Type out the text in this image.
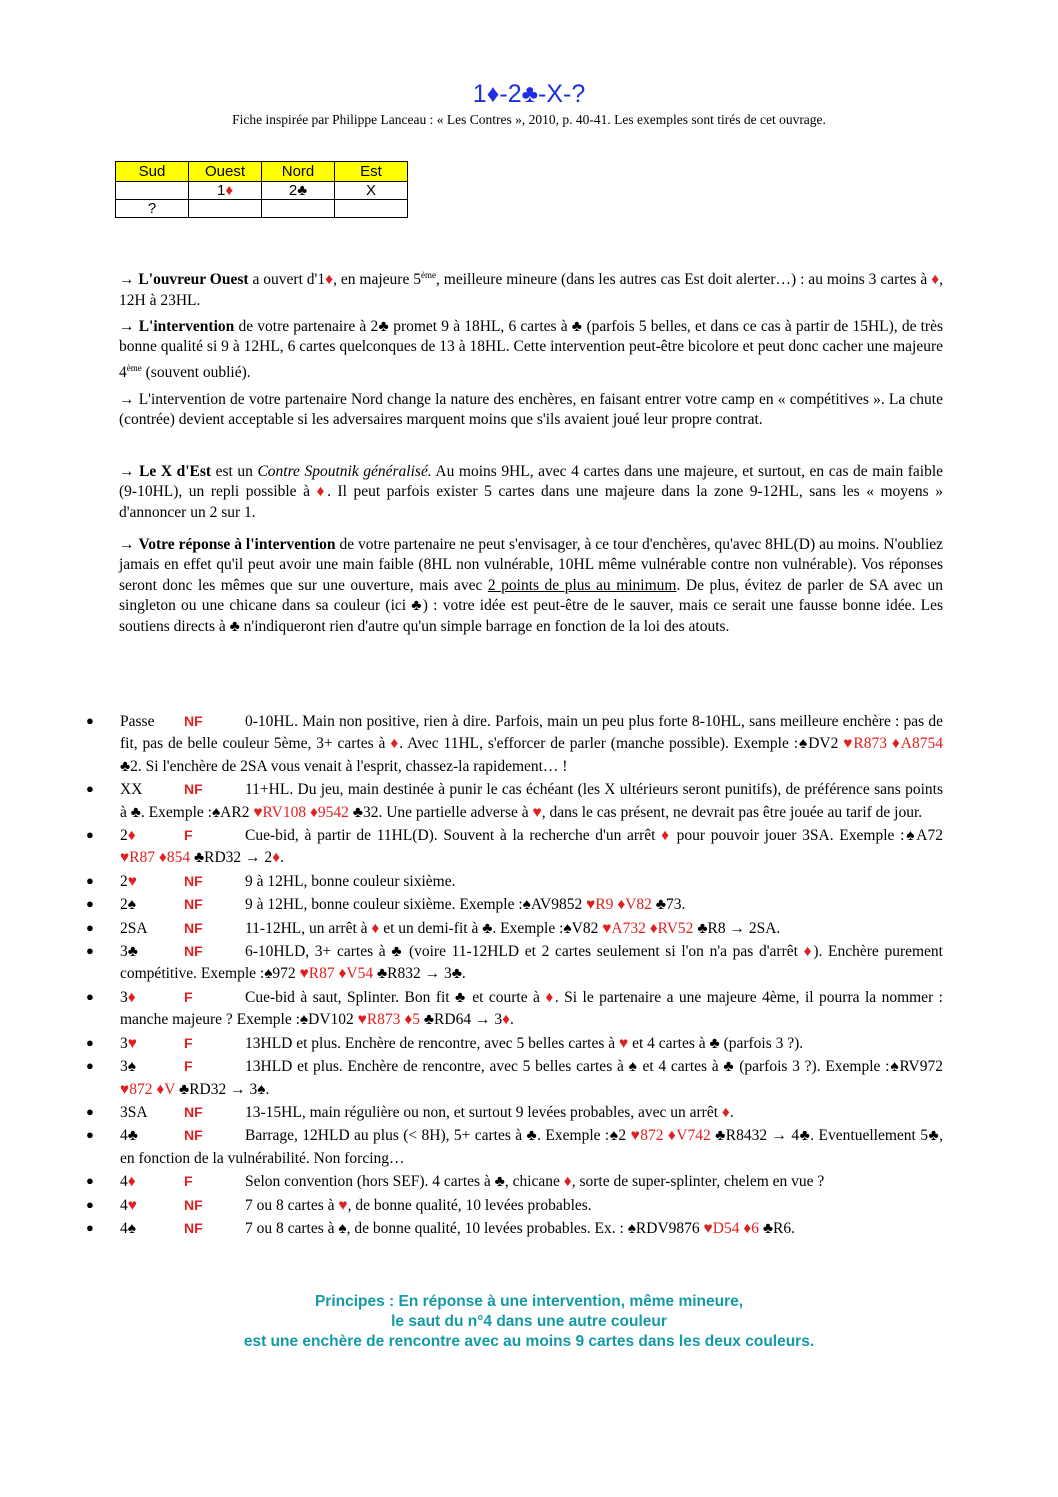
1♦-2♣-X-?
Fiche inspirée par Philippe Lanceau : « Les Contres », 2010, p. 40-41. Les exemples sont tirés de cet ouvrage.
Sud	Ouest	Nord	Est
	1♦	2♣	X
?			

→ L'ouvreur Ouest a ouvert d'1♦, en majeure 5ème, meilleure mineure (dans les autres cas Est doit alerter…) : au moins 3 cartes à ♦, 12H à 23HL.

→ L'intervention de votre partenaire à 2♣ promet 9 à 18HL, 6 cartes à ♣ (parfois 5 belles, et dans ce cas à partir de 15HL), de très bonne qualité si 9 à 12HL, 6 cartes quelconques de 13 à 18HL. Cette intervention peut-être bicolore et peut donc cacher une majeure 4ème (souvent oublié).

→ L'intervention de votre partenaire Nord change la nature des enchères, en faisant entrer votre camp en « compétitives ». La chute (contrée) devient acceptable si les adversaires marquent moins que s'ils avaient joué leur propre contrat.

→ Le X d'Est est un Contre Spoutnik généralisé. Au moins 9HL, avec 4 cartes dans une majeure, et surtout, en cas de main faible (9-10HL), un repli possible à ♦. Il peut parfois exister 5 cartes dans une majeure dans la zone 9-12HL, sans les « moyens » d'annoncer un 2 sur 1.

→ Votre réponse à l'intervention de votre partenaire ne peut s'envisager, à ce tour d'enchères, qu'avec 8HL(D) au moins. N'oubliez jamais en effet qu'il peut avoir une main faible (8HL non vulnérable, 10HL même vulnérable contre non vulnérable). Vos réponses seront donc les mêmes que sur une ouverture, mais avec 2 points de plus au minimum. De plus, évitez de parler de SA avec un singleton ou une chicane dans sa couleur (ici ♣) : votre idée est peut-être de le sauver, mais ce serait une fausse bonne idée. Les soutiens directs à ♣ n'indiqueront rien d'autre qu'un simple barrage en fonction de la loi des atouts.

● Passe NF	0-10HL. Main non positive, rien à dire. Parfois, main un peu plus forte 8-10HL, sans meilleure enchère : pas de fit, pas de belle couleur 5ème, 3+ cartes à ♦. Avec 11HL, s'efforcer de parler (manche possible). Exemple :♠DV2 ♥R873 ♦A8754 ♣2. Si l'enchère de 2SA vous venait à l'esprit, chassez-la rapidement… !
● XX	NF	11+HL. Du jeu, main destinée à punir le cas échéant (les X ultérieurs seront punitifs), de préférence sans points à ♣. Exemple :♠AR2 ♥RV108 ♦9542 ♣32. Une partielle adverse à ♥, dans le cas présent, ne devrait pas être jouée au tarif de jour.
● 2♦	F	Cue-bid, à partir de 11HL(D). Souvent à la recherche d'un arrêt ♦ pour pouvoir jouer 3SA. Exemple :♠A72 ♥R87 ♦854 ♣RD32 → 2♦.
● 2♥	NF	9 à 12HL, bonne couleur sixième.
● 2♠	NF	9 à 12HL, bonne couleur sixième. Exemple :♠AV9852 ♥R9 ♦V82 ♣73.
● 2SA	NF	11-12HL, un arrêt à ♦ et un demi-fit à ♣. Exemple :♠V82 ♥A732 ♦RV52 ♣R8 → 2SA.
● 3♣	NF	6-10HLD, 3+ cartes à ♣ (voire 11-12HLD et 2 cartes seulement si l'on n'a pas d'arrêt ♦). Enchère purement compétitive. Exemple :♠972 ♥R87 ♦V54 ♣R832 → 3♣.
● 3♦	F	Cue-bid à saut, Splinter. Bon fit ♣ et courte à ♦. Si le partenaire a une majeure 4ème, il pourra la nommer : manche majeure ? Exemple :♠DV102 ♥R873 ♦5 ♣RD64 → 3♦.
● 3♥	F	13HLD et plus. Enchère de rencontre, avec 5 belles cartes à ♥ et 4 cartes à ♣ (parfois 3 ?).
● 3♠	F	13HLD et plus. Enchère de rencontre, avec 5 belles cartes à ♠ et 4 cartes à ♣ (parfois 3 ?). Exemple :♠RV972 ♥872 ♦V ♣RD32 → 3♠.
● 3SA	NF	13-15HL, main régulière ou non, et surtout 9 levées probables, avec un arrêt ♦.
● 4♣	NF	Barrage, 12HLD au plus (< 8H), 5+ cartes à ♣. Exemple :♠2 ♥872 ♦V742 ♣R8432 → 4♣. Eventuellement 5♣, en fonction de la vulnérabilité. Non forcing…
● 4♦	F	Selon convention (hors SEF). 4 cartes à ♣, chicane ♦, sorte de super-splinter, chelem en vue ?
● 4♥	NF	7 ou 8 cartes à ♥, de bonne qualité, 10 levées probables.
● 4♠	NF	7 ou 8 cartes à ♠, de bonne qualité, 10 levées probables. Ex. : ♠RDV9876 ♥D54 ♦6 ♣R6.
Principes : En réponse à une intervention, même mineure,
le saut du n°4 dans une autre couleur
est une enchère de rencontre avec au moins 9 cartes dans les deux couleurs.
